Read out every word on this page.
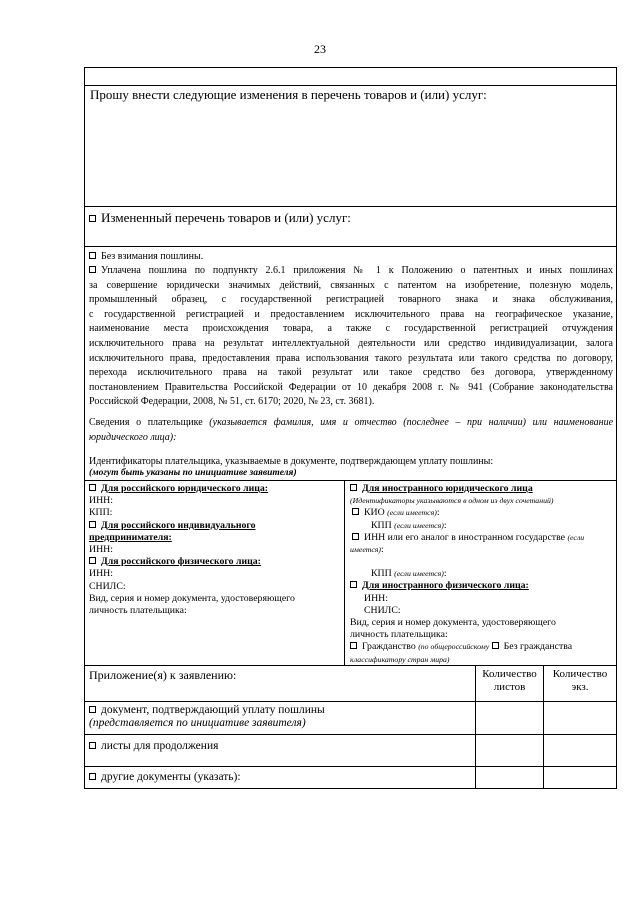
23
Прошу внести следующие изменения в перечень товаров и (или) услуг:
Измененный перечень товаров и (или) услуг:
Без взимания пошлины.
Уплачена пошлина по подпункту 2.6.1 приложения № 1 к Положению о патентных и иных пошлинах
за совершение юридически значимых действий, связанных с патентом на изобретение, полезную модель,
промышленный образец, с государственной регистрацией товарного знака и знака обслуживания,
с государственной регистрацией и предоставлением исключительного права на географическое указание,
наименование места происхождения товара, а также с государственной регистрацией отчуждения
исключительного права на результат интеллектуальной деятельности или средство индивидуализации, залога
исключительного права, предоставления права использования такого результата или такого средства по договору,
перехода исключительного права на такой результат или такое средство без договора, утвержденному
постановлением Правительства Российской Федерации от 10 декабря 2008 г. № 941 (Собрание законодательства
Российской Федерации, 2008, № 51, ст. 6170; 2020, № 23, ст. 3681).
Сведения о плательщике (указывается фамилия, имя и отчество (последнее – при наличии) или наименование
юридического лица):
Идентификаторы плательщика, указываемые в документе, подтверждающем уплату пошлины:
(могут быть указаны по инициативе заявителя)
Для российского юридического лица:
ИНН:
КПП:
Для российского индивидуального
предпринимателя:
ИНН:
Для российского физического лица:
ИНН:
СНИЛС:
Вид, серия и номер документа, удостоверяющего
личность плательщика:
Для иностранного юридического лица
(Идентификаторы указываются в одном из двух сочетаний)
КИО (если имеется):
КПП (если имеется):
ИНН или его аналог в иностранном государстве (если
имеется):
КПП (если имеется):
Для иностранного физического лица:
ИНН:
СНИЛС:
Вид, серия и номер документа, удостоверяющего
личность плательщика:
Гражданство (по общероссийскому Без гражданства
классификатору стран мира)
Приложение(я) к заявлению:	Количество
листов
Количество
экз.
документ, подтверждающий уплату пошлины
(представляется по инициативе заявителя)
листы для продолжения
другие документы (указать):
